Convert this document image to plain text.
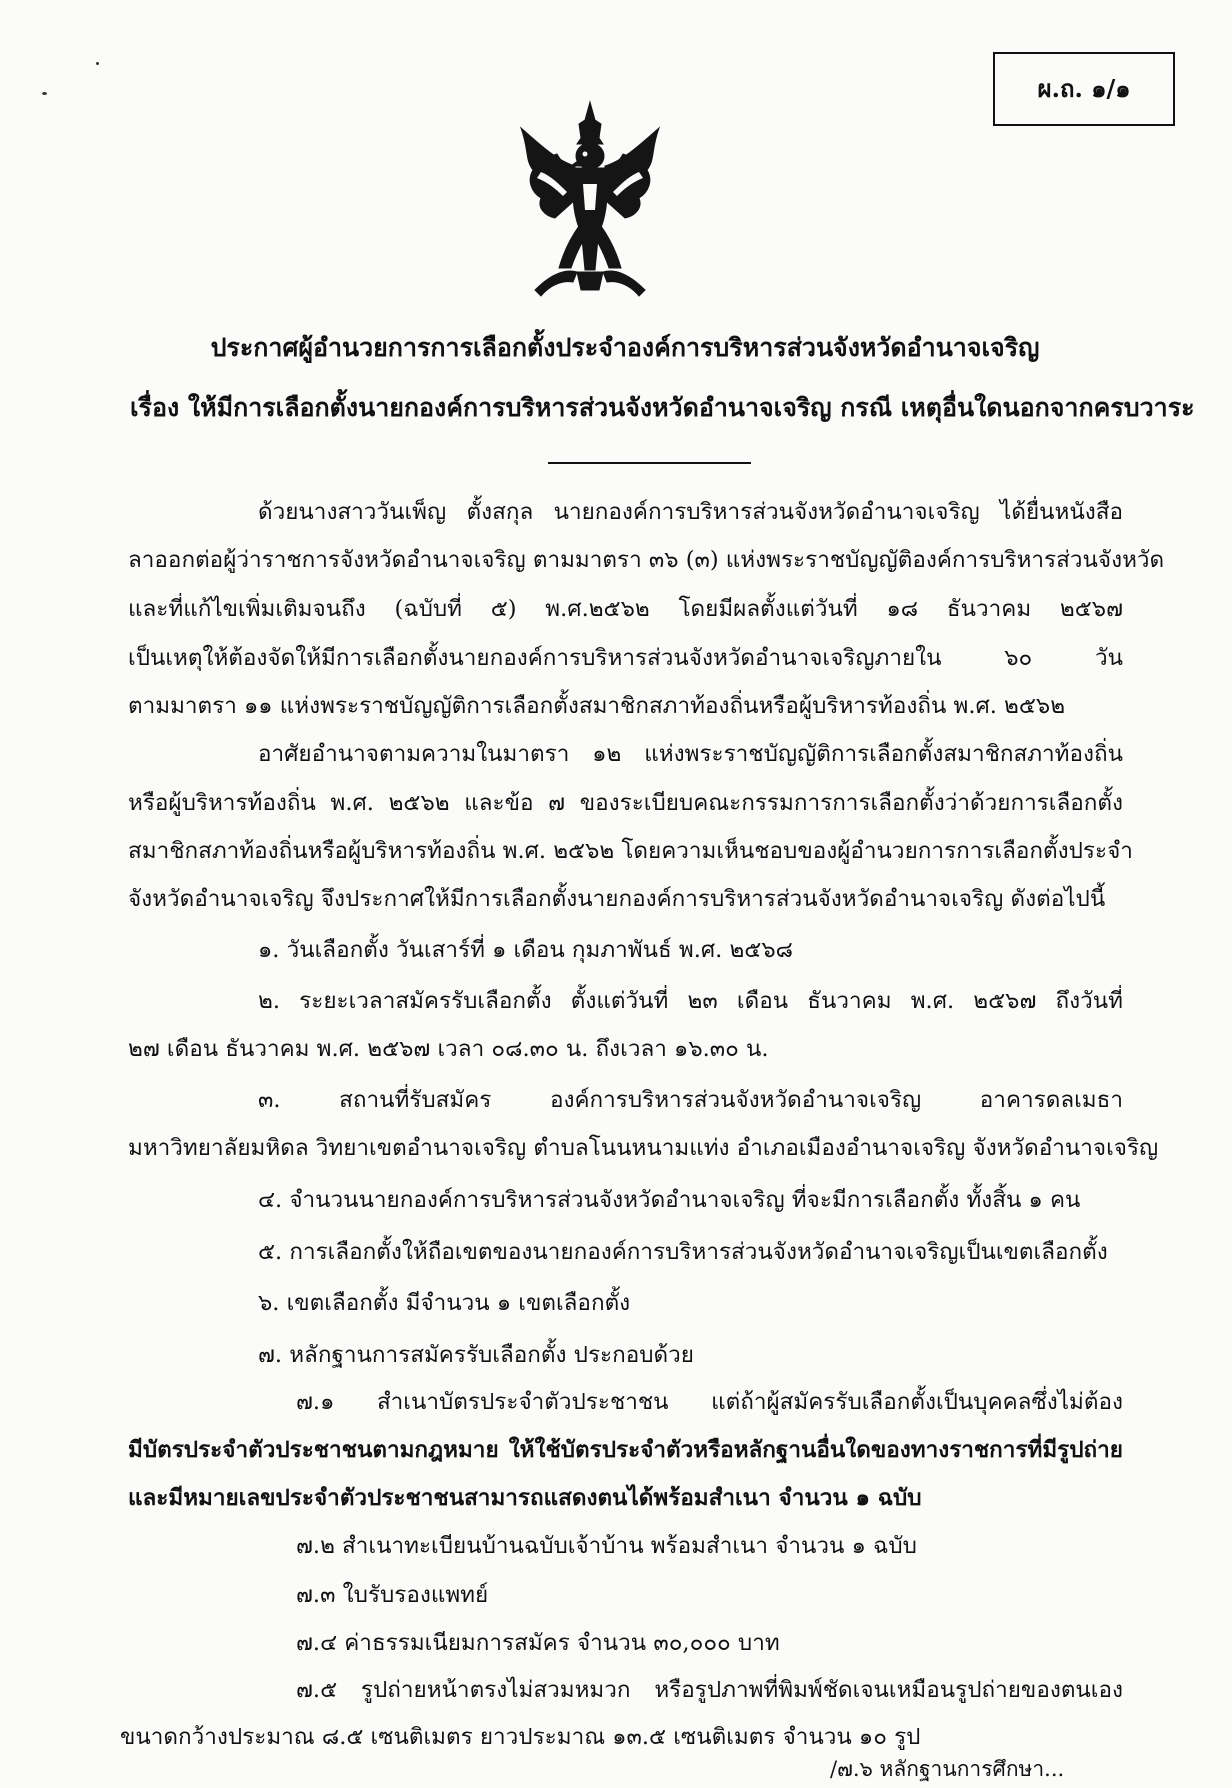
ผ.ถ. ๑/๑
ประกาศผู้อำนวยการการเลือกตั้งประจำองค์การบริหารส่วนจังหวัดอำนาจเจริญ
เรื่อง ให้มีการเลือกตั้งนายกองค์การบริหารส่วนจังหวัดอำนาจเจริญ กรณี เหตุอื่นใดนอกจากครบวาระ
ด้วยนางสาววันเพ็ญ ตั้งสกุล นายกองค์การบริหารส่วนจังหวัดอำนาจเจริญ ได้ยื่นหนังสือ
ลาออกต่อผู้ว่าราชการจังหวัดอำนาจเจริญ ตามมาตรา ๓๖ (๓) แห่งพระราชบัญญัติองค์การบริหารส่วนจังหวัด
และที่แก้ไขเพิ่มเติมจนถึง (ฉบับที่ ๕) พ.ศ.๒๕๖๒ โดยมีผลตั้งแต่วันที่ ๑๘ ธันวาคม ๒๕๖๗
เป็นเหตุให้ต้องจัดให้มีการเลือกตั้งนายกองค์การบริหารส่วนจังหวัดอำนาจเจริญภายใน ๖๐ วัน
ตามมาตรา ๑๑ แห่งพระราชบัญญัติการเลือกตั้งสมาชิกสภาท้องถิ่นหรือผู้บริหารท้องถิ่น พ.ศ. ๒๕๖๒
อาศัยอำนาจตามความในมาตรา ๑๒ แห่งพระราชบัญญัติการเลือกตั้งสมาชิกสภาท้องถิ่น
หรือผู้บริหารท้องถิ่น พ.ศ. ๒๕๖๒ และข้อ ๗ ของระเบียบคณะกรรมการการเลือกตั้งว่าด้วยการเลือกตั้ง
สมาชิกสภาท้องถิ่นหรือผู้บริหารท้องถิ่น พ.ศ. ๒๕๖๒ โดยความเห็นชอบของผู้อำนวยการการเลือกตั้งประจำ
จังหวัดอำนาจเจริญ จึงประกาศให้มีการเลือกตั้งนายกองค์การบริหารส่วนจังหวัดอำนาจเจริญ ดังต่อไปนี้
๑. วันเลือกตั้ง วันเสาร์ที่ ๑ เดือน กุมภาพันธ์ พ.ศ. ๒๕๖๘
๒. ระยะเวลาสมัครรับเลือกตั้ง ตั้งแต่วันที่ ๒๓ เดือน ธันวาคม พ.ศ. ๒๕๖๗ ถึงวันที่
๒๗ เดือน ธันวาคม พ.ศ. ๒๕๖๗ เวลา ๐๘.๓๐ น. ถึงเวลา ๑๖.๓๐ น.
๓. สถานที่รับสมัคร องค์การบริหารส่วนจังหวัดอำนาจเจริญ อาคารดลเมธา
มหาวิทยาลัยมหิดล วิทยาเขตอำนาจเจริญ ตำบลโนนหนามแท่ง อำเภอเมืองอำนาจเจริญ จังหวัดอำนาจเจริญ
๔. จำนวนนายกองค์การบริหารส่วนจังหวัดอำนาจเจริญ ที่จะมีการเลือกตั้ง ทั้งสิ้น ๑ คน
๕. การเลือกตั้งให้ถือเขตของนายกองค์การบริหารส่วนจังหวัดอำนาจเจริญเป็นเขตเลือกตั้ง
๖. เขตเลือกตั้ง มีจำนวน ๑ เขตเลือกตั้ง
๗. หลักฐานการสมัครรับเลือกตั้ง ประกอบด้วย
๗.๑ สำเนาบัตรประจำตัวประชาชน แต่ถ้าผู้สมัครรับเลือกตั้งเป็นบุคคลซึ่งไม่ต้อง
มีบัตรประจำตัวประชาชนตามกฎหมาย ให้ใช้บัตรประจำตัวหรือหลักฐานอื่นใดของทางราชการที่มีรูปถ่าย
และมีหมายเลขประจำตัวประชาชนสามารถแสดงตนได้พร้อมสำเนา จำนวน ๑ ฉบับ
๗.๒ สำเนาทะเบียนบ้านฉบับเจ้าบ้าน พร้อมสำเนา จำนวน ๑ ฉบับ
๗.๓ ใบรับรองแพทย์
๗.๔ ค่าธรรมเนียมการสมัคร จำนวน ๓๐,๐๐๐ บาท
๗.๕ รูปถ่ายหน้าตรงไม่สวมหมวก หรือรูปภาพที่พิมพ์ชัดเจนเหมือนรูปถ่ายของตนเอง
ขนาดกว้างประมาณ ๘.๕ เซนติเมตร ยาวประมาณ ๑๓.๕ เซนติเมตร จำนวน ๑๐ รูป
/๗.๖ หลักฐานการศึกษา...
